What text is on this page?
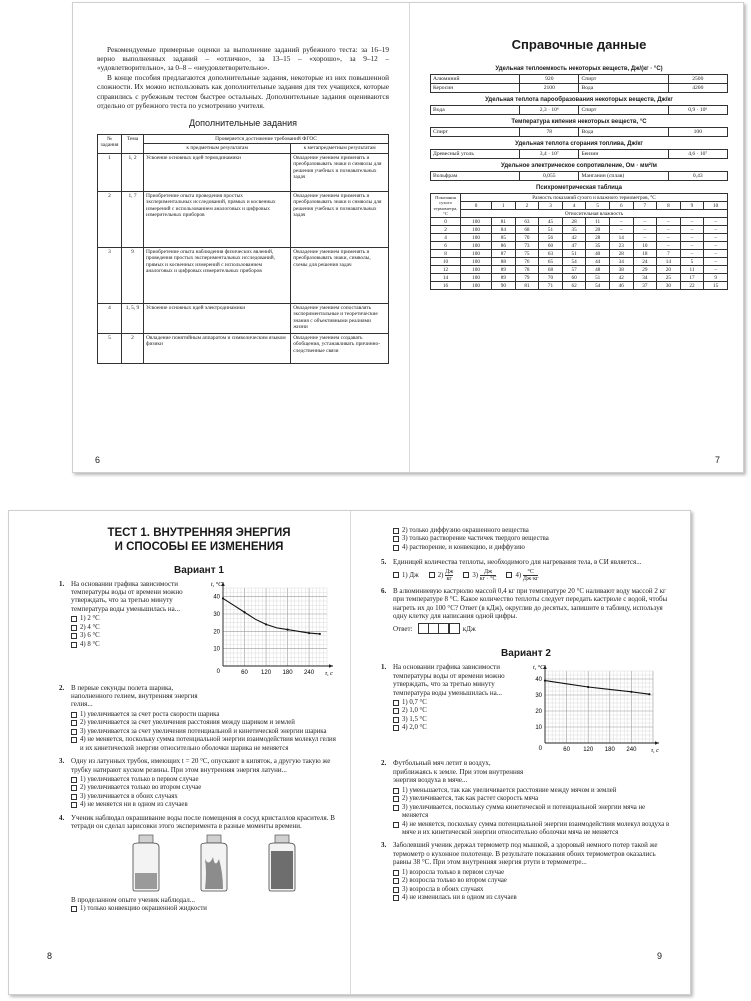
Рекомендуемые примерные оценки за выполнение заданий рубежного теста: за 16–19 верно выполненных заданий – «отлично», за 13–15 – «хорошо», за 9–12 – «удовлетворительно», за 0–8 – «неудовлетворительно».

В конце пособия предлагаются дополнительные задания, некоторые из них повышенной сложности. Их можно использовать как дополнительные задания для тех учащихся, которые справились с рубежным тестом быстрее остальных. Дополнительные задания оцениваются отдельно от рубежного теста по усмотрению учителя.

Дополнительные задания
№ задания	Тема	Проверяется достижение требований ФГОС	
		к предметным результатам	к метапредметным результатам
1	1, 2	Усвоение основных идей термодинамики	Овладение умением применять и преобразовывать знаки и символы для решения учебных и познавательных задач
2	1, 7	Приобретение опыта проведения простых экспериментальных исследований, прямых и косвенных измерений с использованием аналоговых и цифровых измерительных приборов	Овладение умением применять и преобразовывать знаки и символы для решения учебных и познавательных задач
3	9	Приобретение опыта наблюдения физических явлений, проведения простых экспериментальных исследований, прямых и косвенных измерений с использованием аналоговых и цифровых измерительных приборов	Овладение умением применять и преобразовывать знаки, символы, схемы для решения задач
4	1, 5, 9	Усвоение основных идей электродинамики	Овладение умением сопоставлять экспериментальные и теоретические знания с объективными реалиями жизни
5	2	Овладение понятийным аппаратом и символическим языком физики	Овладение умением создавать обобщения, устанавливать причинно-следственные связи
6
Справочные данные
Удельная теплоемкость некоторых веществ, Дж/(кг · °С)
Алюминий	920	Спирт	2500
Керосин	2100	Вода	4200
Удельная теплота парообразования некоторых веществ, Дж/кг
Вода	2,3 · 10⁶	Спирт	0,9 · 10⁶
Температура кипения некоторых веществ, °С
Спирт	78	Вода	100
Удельная теплота сгорания топлива, Дж/кг
Древесный уголь	3,4 · 10⁷	Бензин	4,6 · 10⁷
Удельное электрическое сопротивление, Ом · мм²/м
Вольфрам	0,055	Манганин (сплав)	0,43
Психрометрическая таблица
Показания сухого термометра, °С	Разность показаний сухого и влажного термометров, °С										
	0	1	2	3	4	5	6	7	8	9	10
	Относительная влажность										
0	100	81	63	45	28	11	–	–	–	–	–
2	100	84	68	51	35	20	–	–	–	–	–
4	100	85	70	56	42	28	14	–	–	–	–
6	100	86	73	60	47	35	23	10	–	–	–
8	100	87	75	63	51	40	28	18	7	–	–
10	100	88	76	65	54	44	34	24	14	5	–
12	100	89	78	68	57	48	38	29	20	11	–
14	100	89	79	70	60	51	42	34	25	17	9
16	100	90	81	71	62	54	46	37	30	22	15
7
ТЕСТ 1. ВНУТРЕННЯЯ ЭНЕРГИЯ
И СПОСОБЫ ЕЕ ИЗМЕНЕНИЯ
Вариант 1
1. На основании графика зависимости температуры воды от времени можно утверждать, что за третью минуту температура воды уменьшилась на...
1) 2 °С
2) 4 °С
3) 6 °С
4) 8 °С
40
30
20
10
0	60 120 180 240
t, °С
τ, с
2. В первые секунды полета шарика, наполненного гелием, внутренняя энергия гелия...
1) увеличивается за счет роста скорости шарика
2) увеличивается за счет увеличения расстояния между шариком и землей
3) увеличивается за счет увеличения потенциальной и кинетической энергии шарика
4) не меняется, поскольку сумма потенциальной энергии взаимодействия молекул гелия и их кинетической энергии относительно оболочки шарика не меняется
3. Одну из латунных трубок, имеющих t = 20 °С, опускают в кипяток, а другую такую же трубку натирают куском резины. При этом внутренняя энергия латуни...
1) увеличивается только в первом случае
2) увеличивается только во втором случае
3) увеличивается в обоих случаях
4) не меняется ни в одном из случаев
4. Ученик наблюдал окрашивание воды после помещения в сосуд кристаллов красителя. В тетради он сделал зарисовки этого эксперимента в разные моменты времени.
В проделанном опыте ученик наблюдал...
1) только конвекцию окрашенной жидкости
8
2) только диффузию окрашенного вещества
3) только растворение частичек твердого вещества
4) растворение, и конвекцию, и диффузию
5. Единицей количества теплоты, необходимого для нагревания тела, в СИ является...
1) Дж	$2) \frac{Дж}{кг}$	$3) \frac{Дж}{кг \cdot ^\circ С}$	$4) \frac{^\circ С}{Дж\cdot кг}$
6. В алюминиевую кастрюлю массой 0,4 кг при температуре 20 °С наливают воду массой 2 кг при температуре 8 °С. Какое количество теплоты следует передать кастрюле с водой, чтобы нагреть их до 100 °С? Ответ (в кДж), округлив до десятых, запишите в таблицу, используя одну клетку для написания одной цифры.
Ответ:	кДж
Вариант 2
1. На основании графика зависимости температуры воды от времени можно утверждать, что за третью минуту температура воды уменьшилась на...
1) 0,7 °С
2) 1,0 °С
3) 1,5 °С
4) 2,0 °С
40
30
20
10
0	60 120 180 240
t, °С
τ, с
2. Футбольный мяч летит в воздух, приближаясь к земле. При этом внутренняя энергия воздуха в мяче...
1) уменьшается, так как увеличивается расстояние между мячом и землей
2) увеличивается, так как растет скорость мяча
3) увеличивается, поскольку сумма кинетической и потенциальной энергии мяча не меняется
4) не меняется, поскольку сумма потенциальной энергии взаимодействия молекул воздуха в мяче и их кинетической энергии относительно оболочки мяча не меняется
3. Заболевший ученик держал термометр под мышкой, а здоровый немного потер такой же термометр о кухонное полотенце. В результате показания обоих термометров оказались равны 38 °С. При этом внутренняя энергия ртути в термометре...
1) возросла только в первом случае
2) возросла только во втором случае
3) возросла в обоих случаях
4) не изменилась ни в одном из случаев
9
